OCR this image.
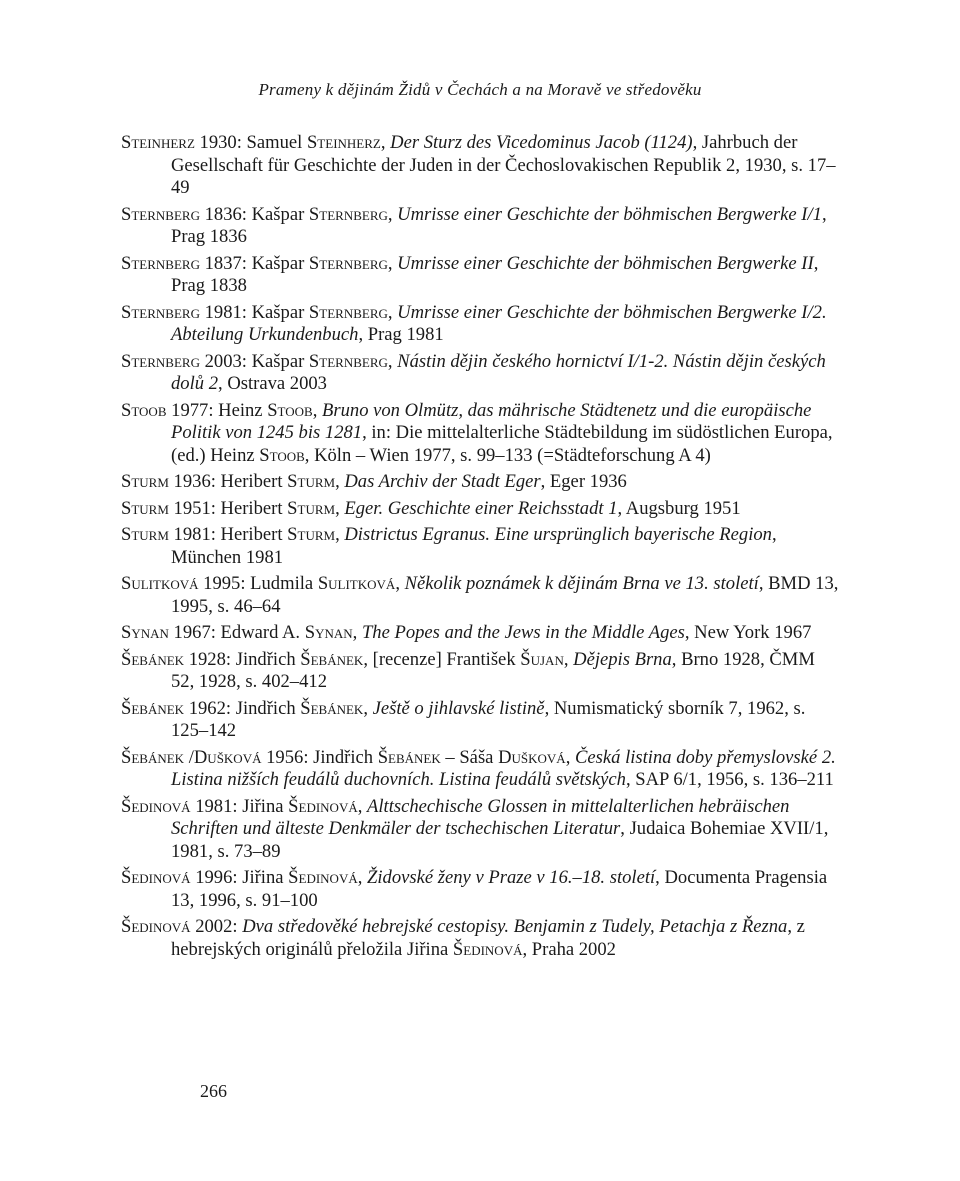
Prameny k dějinám Židů v Čechách a na Moravě ve středověku

Steinherz 1930: Samuel Steinherz, Der Sturz des Vicedominus Jacob (1124), Jahrbuch der Gesellschaft für Geschichte der Juden in der Čechoslovakischen Republik 2, 1930, s. 17–49

Sternberg 1836: Kašpar Sternberg, Umrisse einer Geschichte der böhmischen Bergwerke I/1, Prag 1836

Sternberg 1837: Kašpar Sternberg, Umrisse einer Geschichte der böhmischen Bergwerke II, Prag 1838

Sternberg 1981: Kašpar Sternberg, Umrisse einer Geschichte der böhmischen Bergwerke I/2. Abteilung Urkundenbuch, Prag 1981

Sternberg 2003: Kašpar Sternberg, Nástin dějin českého hornictví I/1-2. Nástin dějin českých dolů 2, Ostrava 2003

Stoob 1977: Heinz Stoob, Bruno von Olmütz, das mährische Städtenetz und die europäische Politik von 1245 bis 1281, in: Die mittelalterliche Städtebildung im südöstlichen Europa, (ed.) Heinz Stoob, Köln – Wien 1977, s. 99–133 (=Städteforschung A 4)

Sturm 1936: Heribert Sturm, Das Archiv der Stadt Eger, Eger 1936

Sturm 1951: Heribert Sturm, Eger. Geschichte einer Reichsstadt 1, Augsburg 1951

Sturm 1981: Heribert Sturm, Districtus Egranus. Eine ursprünglich bayerische Region, München 1981

Sulitková 1995: Ludmila Sulitková, Několik poznámek k dějinám Brna ve 13. století, BMD 13, 1995, s. 46–64

Synan 1967: Edward A. Synan, The Popes and the Jews in the Middle Ages, New York 1967

Šebánek 1928: Jindřich Šebánek, [recenze] František Šujan, Dějepis Brna, Brno 1928, ČMM 52, 1928, s. 402–412

Šebánek 1962: Jindřich Šebánek, Ještě o jihlavské listině, Numismatický sborník 7, 1962, s. 125–142

Šebánek /Dušková 1956: Jindřich Šebánek – Sáša Dušková, Česká listina doby přemyslovské 2. Listina nižších feudálů duchovních. Listina feudálů světských, SAP 6/1, 1956, s. 136–211

Šedinová 1981: Jiřina Šedinová, Alttschechische Glossen in mittelalterlichen hebräischen Schriften und älteste Denkmäler der tschechischen Literatur, Judaica Bohemiae XVII/1, 1981, s. 73–89

Šedinová 1996: Jiřina Šedinová, Židovské ženy v Praze v 16.–18. století, Documenta Pragensia 13, 1996, s. 91–100

Šedinová 2002: Dva středověké hebrejské cestopisy. Benjamin z Tudely, Petachja z Řezna, z hebrejských originálů přeložila Jiřina Šedinová, Praha 2002

266
